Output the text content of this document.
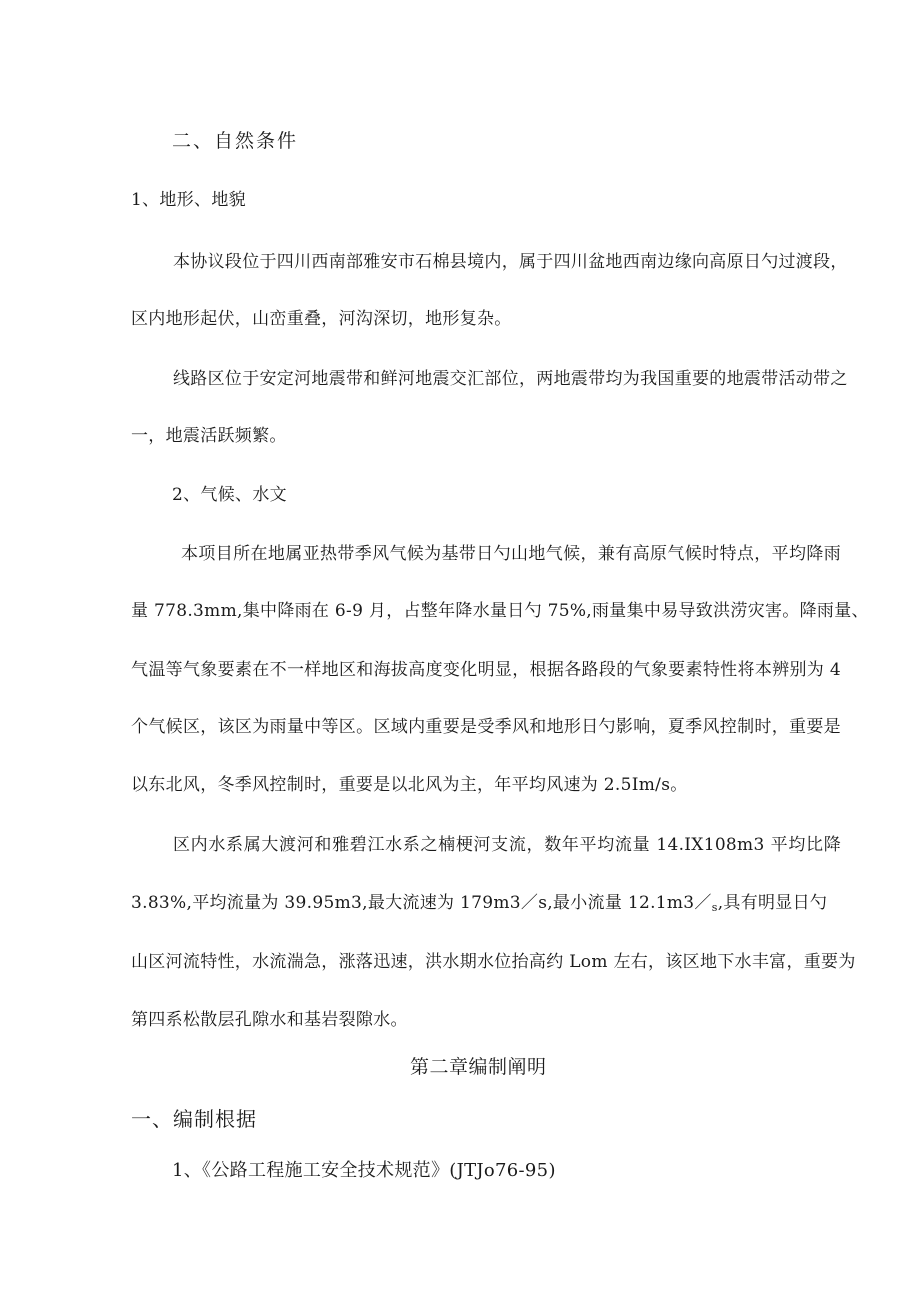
二、自然条件
1、地形、地貌
本协议段位于四川西南部雅安市石棉县境内，属于四川盆地西南边缘向高原日勺过渡段，
区内地形起伏，山峦重叠，河沟深切，地形复杂。
线路区位于安定河地震带和鲜河地震交汇部位，两地震带均为我国重要的地震带活动带之
一，地震活跃频繁。
2、气候、水文
本项目所在地属亚热带季风气候为基带日勺山地气候，兼有高原气候时特点，平均降雨
量 778.3mm,集中降雨在 6-9 月，占整年降水量日勺 75%,雨量集中易导致洪涝灾害。降雨量、
气温等气象要素在不一样地区和海拔高度变化明显，根据各路段的气象要素特性将本辨别为 4
个气候区，该区为雨量中等区。区域内重要是受季风和地形日勺影响，夏季风控制时，重要是
以东北风，冬季风控制时，重要是以北风为主，年平均风速为 2.5Im/s。
区内水系属大渡河和雅碧江水系之楠梗河支流，数年平均流量 14.IX108m3 平均比降
3.83%,平均流量为 39.95m3,最大流速为 179m3／s,最小流量 12.1m3／s,具有明显日勺
山区河流特性，水流湍急，涨落迅速，洪水期水位抬高约 Lom 左右，该区地下水丰富，重要为
第四系松散层孔隙水和基岩裂隙水。
第二章编制阐明
一、编制根据
1、《公路工程施工安全技术规范》(JTJo76-95)
